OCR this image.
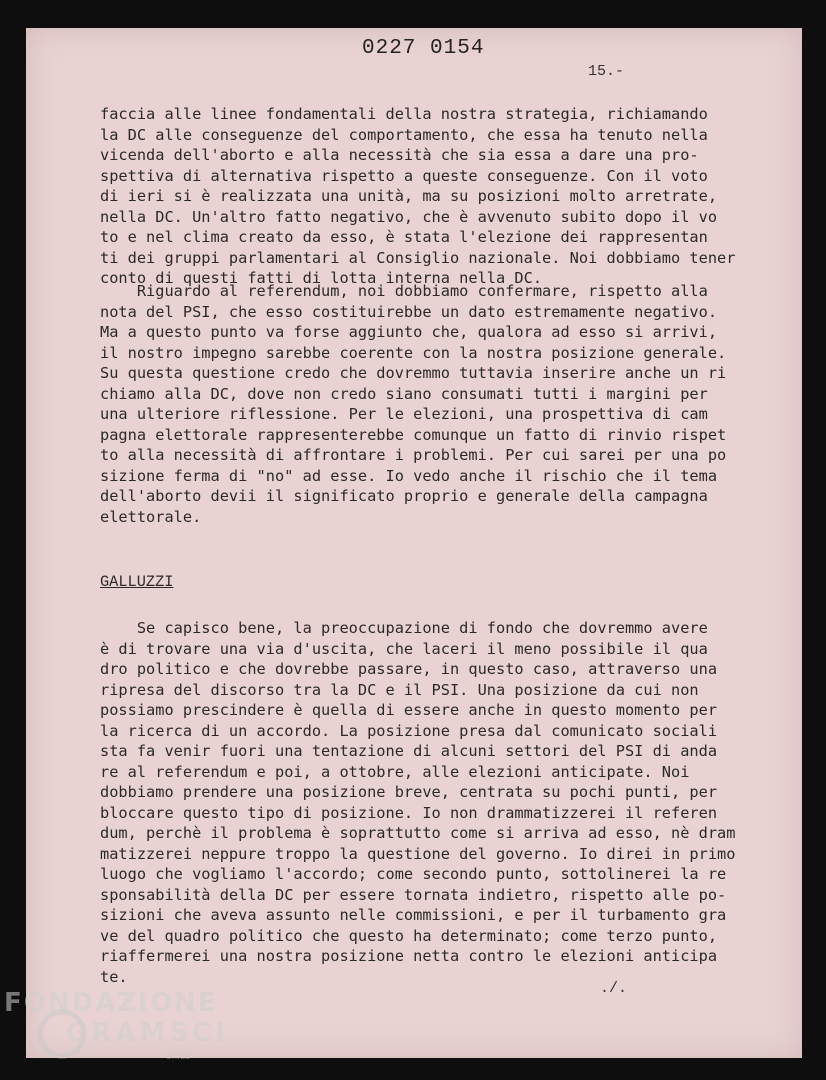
0227 0154
15.-
faccia alle linee fondamentali della nostra strategia, richiamando
la DC alle conseguenze del comportamento, che essa ha tenuto nella
vicenda dell'aborto e alla necessità che sia essa a dare una pro-
spettiva di alternativa rispetto a queste conseguenze. Con il voto
di ieri si è realizzata una unità, ma su posizioni molto arretrate,
nella DC. Un'altro fatto negativo, che è avvenuto subito dopo il vo
to e nel clima creato da esso, è stata l'elezione dei rappresentan
ti dei gruppi parlamentari al Consiglio nazionale. Noi dobbiamo tener
conto di questi fatti di lotta interna nella DC.
Riguardo al referendum, noi dobbiamo confermare, rispetto alla
nota del PSI, che esso costituirebbe un dato estremamente negativo.
Ma a questo punto va forse aggiunto che, qualora ad esso si arrivi,
il nostro impegno sarebbe coerente con la nostra posizione generale.
Su questa questione credo che dovremmo tuttavia inserire anche un ri
chiamo alla DC, dove non credo siano consumati tutti i margini per
una ulteriore riflessione. Per le elezioni, una prospettiva di cam
pagna elettorale rappresenterebbe comunque un fatto di rinvio rispet
to alla necessità di affrontare i problemi. Per cui sarei per una po
sizione ferma di "no" ad esse. Io vedo anche il rischio che il tema
dell'aborto devii il significato proprio e generale della campagna
elettorale.
GALLUZZI
Se capisco bene, la preoccupazione di fondo che dovremmo avere
è di trovare una via d'uscita, che laceri il meno possibile il qua
dro politico e che dovrebbe passare, in questo caso, attraverso una
ripresa del discorso tra la DC e il PSI. Una posizione da cui non
possiamo prescindere è quella di essere anche in questo momento per
la ricerca di un accordo. La posizione presa dal comunicato sociali
sta fa venir fuori una tentazione di alcuni settori del PSI di anda
re al referendum e poi, a ottobre, alle elezioni anticipate. Noi
dobbiamo prendere una posizione breve, centrata su pochi punti, per
bloccare questo tipo di posizione. Io non drammatizzerei il referen
dum, perchè il problema è soprattutto come si arriva ad esso, nè dram
matizzerei neppure troppo la questione del governo. Io direi in primo
luogo che vogliamo l'accordo; come secondo punto, sottolinerei la re
sponsabilità della DC per essere tornata indietro, rispetto alle po-
sizioni che aveva assunto nelle commissioni, e per il turbamento gra
ve del quadro politico che questo ha determinato; come terzo punto,
riaffermerei una nostra posizione netta contro le elezioni anticipa
te.
./.
FONDAZIONE
GRAMSCI
onlus
